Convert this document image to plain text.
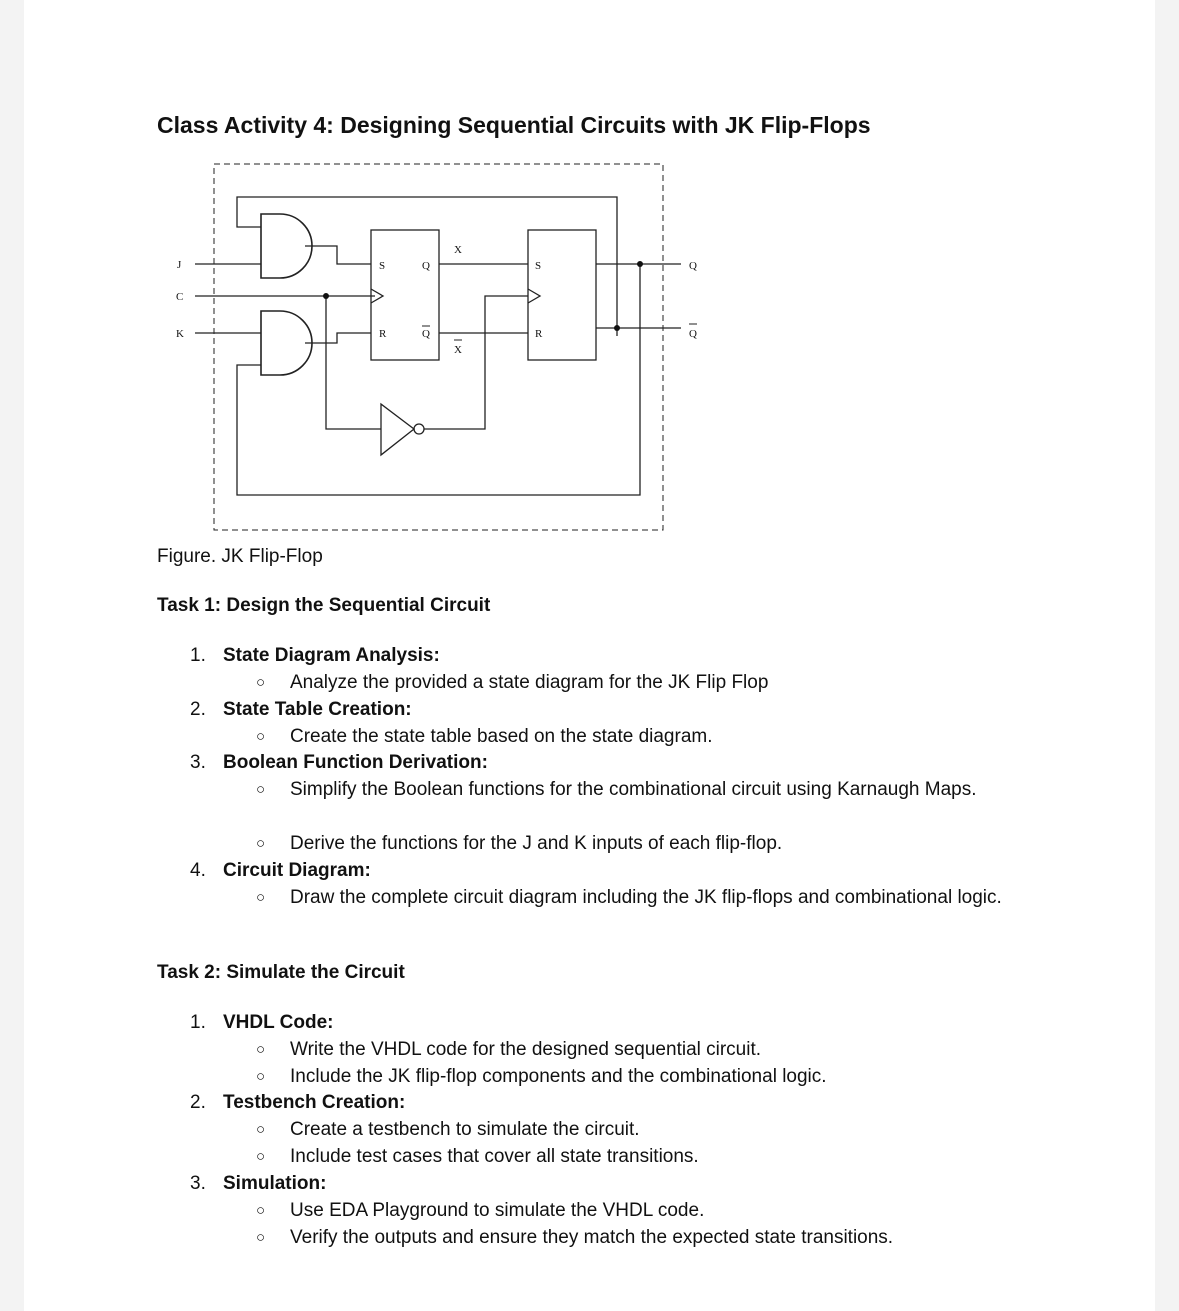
Class Activity 4: Designing Sequential Circuits with JK Flip-Flops
J
C
K
S
R
Q
Q
X
X
S
R
Q
Q
Figure. JK Flip-Flop
Task 1: Design the Sequential Circuit
1. State Diagram Analysis:
○ Analyze the provided a state diagram for the JK Flip Flop
2. State Table Creation:
○ Create the state table based on the state diagram.
3. Boolean Function Derivation:
○ Simplify the Boolean functions for the combinational circuit using Karnaugh Maps.
○ Derive the functions for the J and K inputs of each flip-flop.
4. Circuit Diagram:
○ Draw the complete circuit diagram including the JK flip-flops and combinational logic.
Task 2: Simulate the Circuit
1. VHDL Code:
○ Write the VHDL code for the designed sequential circuit.
○ Include the JK flip-flop components and the combinational logic.
2. Testbench Creation:
○ Create a testbench to simulate the circuit.
○ Include test cases that cover all state transitions.
3. Simulation:
○ Use EDA Playground to simulate the VHDL code.
○ Verify the outputs and ensure they match the expected state transitions.
